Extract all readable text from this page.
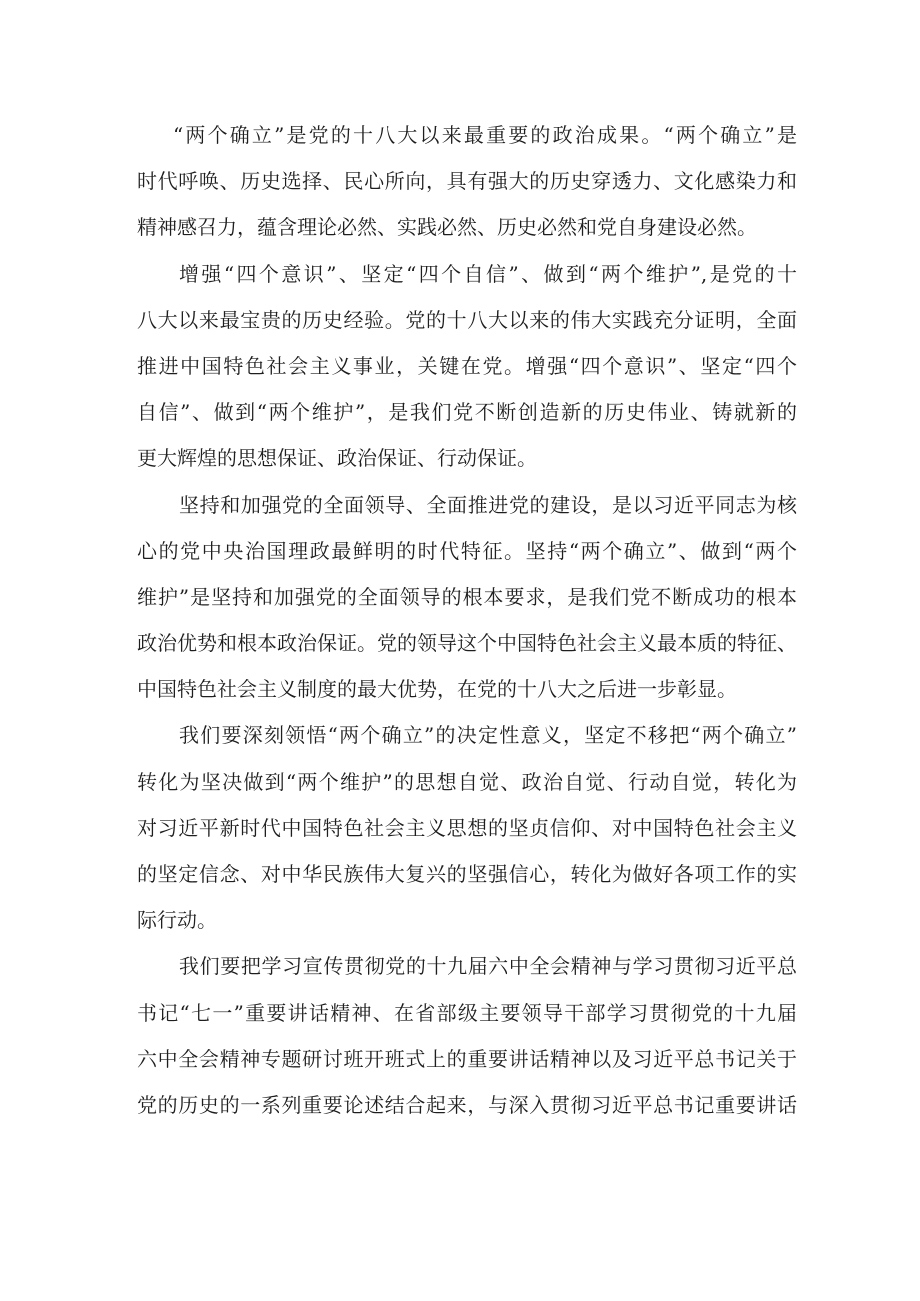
“两个确立”是党的十八大以来最重要的政治成果。“两个确立”是
时代呼唤、历史选择、民心所向，具有强大的历史穿透力、文化感染力和
精神感召力，蕴含理论必然、实践必然、历史必然和党自身建设必然。
增强“四个意识”、坚定“四个自信”、做到“两个维护”,是党的十
八大以来最宝贵的历史经验。党的十八大以来的伟大实践充分证明，全面
推进中国特色社会主义事业，关键在党。增强“四个意识”、坚定“四个
自信”、做到“两个维护”，是我们党不断创造新的历史伟业、铸就新的
更大辉煌的思想保证、政治保证、行动保证。
坚持和加强党的全面领导、全面推进党的建设，是以习近平同志为核
心的党中央治国理政最鲜明的时代特征。坚持“两个确立”、做到“两个
维护”是坚持和加强党的全面领导的根本要求，是我们党不断成功的根本
政治优势和根本政治保证。党的领导这个中国特色社会主义最本质的特征、
中国特色社会主义制度的最大优势，在党的十八大之后进一步彰显。
我们要深刻领悟“两个确立”的决定性意义，坚定不移把“两个确立”
转化为坚决做到“两个维护”的思想自觉、政治自觉、行动自觉，转化为
对习近平新时代中国特色社会主义思想的坚贞信仰、对中国特色社会主义
的坚定信念、对中华民族伟大复兴的坚强信心，转化为做好各项工作的实
际行动。
我们要把学习宣传贯彻党的十九届六中全会精神与学习贯彻习近平总
书记“七一”重要讲话精神、在省部级主要领导干部学习贯彻党的十九届
六中全会精神专题研讨班开班式上的重要讲话精神以及习近平总书记关于
党的历史的一系列重要论述结合起来，与深入贯彻习近平总书记重要讲话
